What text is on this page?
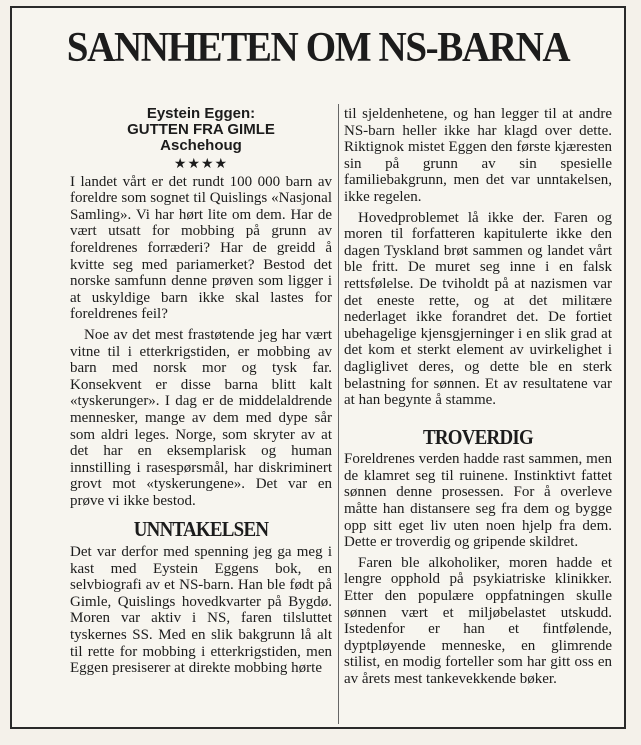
SANNHETEN OM NS-BARNA
Eystein Eggen:
GUTTEN FRA GIMLE
Aschehoug
★★★★

I landet vårt er det rundt 100 000 barn av foreldre som sognet til Quislings «Nasjonal Samling». Vi har hørt lite om dem. Har de vært utsatt for mobbing på grunn av foreldrenes forræderi? Har de greidd å kvitte seg med pariamerket? Bestod det norske samfunn denne prøven som ligger i at uskyldige barn ikke skal lastes for foreldrenes feil?

Noe av det mest frastøtende jeg har vært vitne til i etterkrigstiden, er mobbing av barn med norsk mor og tysk far. Konsekvent er disse barna blitt kalt «tyskerunger». I dag er de middelaldrende mennesker, mange av dem med dype sår som aldri leges. Norge, som skryter av at det har en eksemplarisk og human innstilling i rasespørsmål, har diskriminert grovt mot «tyskerungene». Det var en prøve vi ikke bestod.

UNNTAKELSEN

Det var derfor med spenning jeg ga meg i kast med Eystein Eggens bok, en selvbiografi av et NS-barn. Han ble født på Gimle, Quislings hovedkvarter på Bygdø. Moren var aktiv i NS, faren tilsluttet tyskernes SS. Med en slik bakgrunn lå alt til rette for mobbing i etterkrigstiden, men Eggen presiserer at direkte mobbing hørte

til sjeldenhetene, og han legger til at andre NS-barn heller ikke har klagd over dette. Riktignok mistet Eggen den første kjæresten sin på grunn av sin spesielle familiebakgrunn, men det var unntakelsen, ikke regelen.

Hovedproblemet lå ikke der. Faren og moren til forfatteren kapitulerte ikke den dagen Tyskland brøt sammen og landet vårt ble fritt. De muret seg inne i en falsk rettsfølelse. De tviholdt på at nazismen var det eneste rette, og at det militære nederlaget ikke forandret det. De fortiet ubehagelige kjensgjerninger i en slik grad at det kom et sterkt element av uvirkelighet i dagliglivet deres, og dette ble en sterk belastning for sønnen. Et av resultatene var at han begynte å stamme.

TROVERDIG

Foreldrenes verden hadde rast sammen, men de klamret seg til ruinene. Instinktivt fattet sønnen denne prosessen. For å overleve måtte han distansere seg fra dem og bygge opp sitt eget liv uten noen hjelp fra dem. Dette er troverdig og gripende skildret.

Faren ble alkoholiker, moren hadde et lengre opphold på psykiatriske klinikker. Etter den populære oppfatningen skulle sønnen vært et miljøbelastet utskudd. Istedenfor er han et fintfølende, dyptpløyende menneske, en glimrende stilist, en modig forteller som har gitt oss en av årets mest tankevekkende bøker.
